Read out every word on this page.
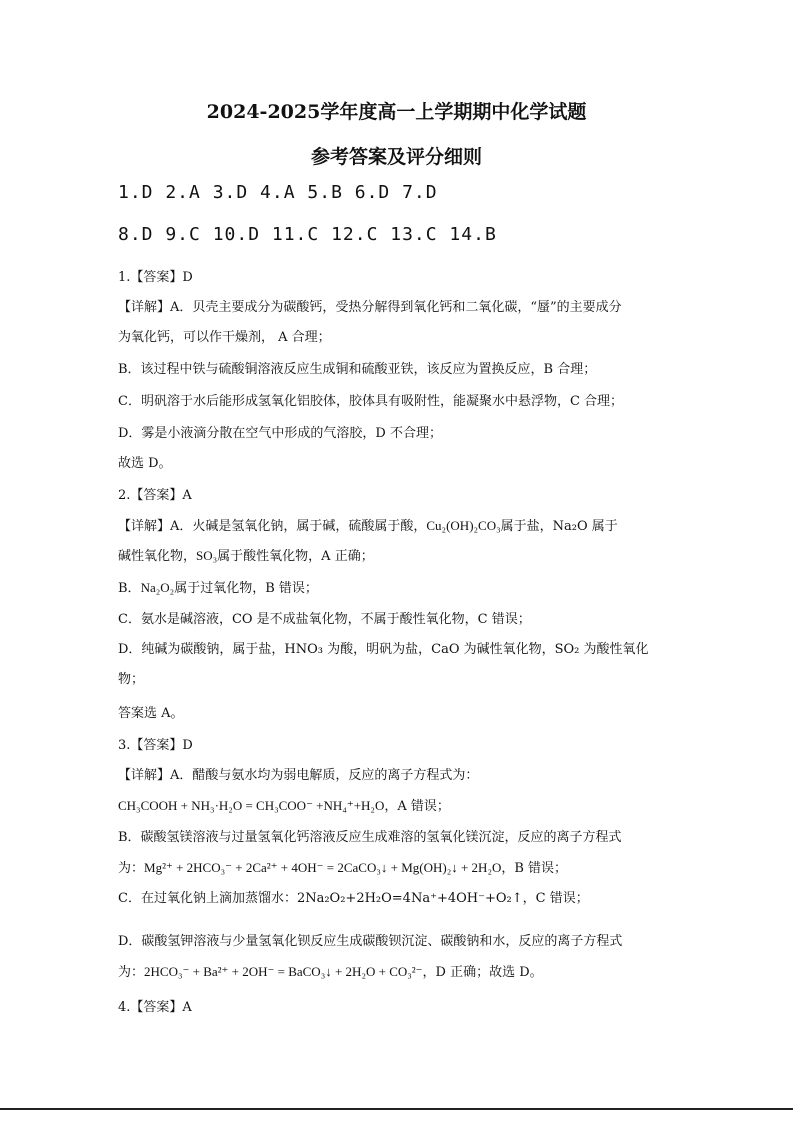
2024-2025学年度高一上学期期中化学试题
参考答案及评分细则
1.D 2.A 3.D 4.A 5.B 6.D 7.D
8.D 9.C 10.D 11.C 12.C 13.C 14.B
1.【答案】D
【详解】A．贝壳主要成分为碳酸钙，受热分解得到氧化钙和二氧化碳，“蜃”的主要成分
为氧化钙，可以作干燥剂， A 合理；
B．该过程中铁与硫酸铜溶液反应生成铜和硫酸亚铁，该反应为置换反应，B 合理；
C．明矾溶于水后能形成氢氧化铝胶体，胶体具有吸附性，能凝聚水中悬浮物，C 合理；
D．雾是小液滴分散在空气中形成的气溶胶，D 不合理；
故选 D。
2.【答案】A
【详解】A．火碱是氢氧化钠，属于碱，硫酸属于酸，Cu₂(OH)₂CO₃属于盐，Na₂O 属于
碱性氧化物，SO₃属于酸性氧化物，A 正确；
B．Na₂O₂属于过氧化物，B 错误；
C．氨水是碱溶液，CO 是不成盐氧化物，不属于酸性氧化物，C 错误；
D．纯碱为碳酸钠，属于盐，HNO₃ 为酸，明矾为盐，CaO 为碱性氧化物，SO₂ 为酸性氧化
物；
答案选 A。
3.【答案】D
【详解】A．醋酸与氨水均为弱电解质，反应的离子方程式为：
CH₃COOH + NH₃·H₂O = CH₃COO⁻ +NH₄⁺+H₂O，A 错误；
B．碳酸氢镁溶液与过量氢氧化钙溶液反应生成难溶的氢氧化镁沉淀，反应的离子方程式
为：Mg²⁺ + 2HCO₃⁻ + 2Ca²⁺ + 4OH⁻ = 2CaCO₃↓ + Mg(OH)₂↓ + 2H₂O，B 错误；
C．在过氧化钠上滴加蒸馏水：2Na₂O₂+2H₂O=4Na⁺+4OH⁻+O₂↑，C 错误；
D．碳酸氢钾溶液与少量氢氧化钡反应生成碳酸钡沉淀、碳酸钠和水，反应的离子方程式
为：2HCO₃⁻ + Ba²⁺ + 2OH⁻ = BaCO₃↓ + 2H₂O + CO₃²⁻，D 正确；故选 D。
4.【答案】A
